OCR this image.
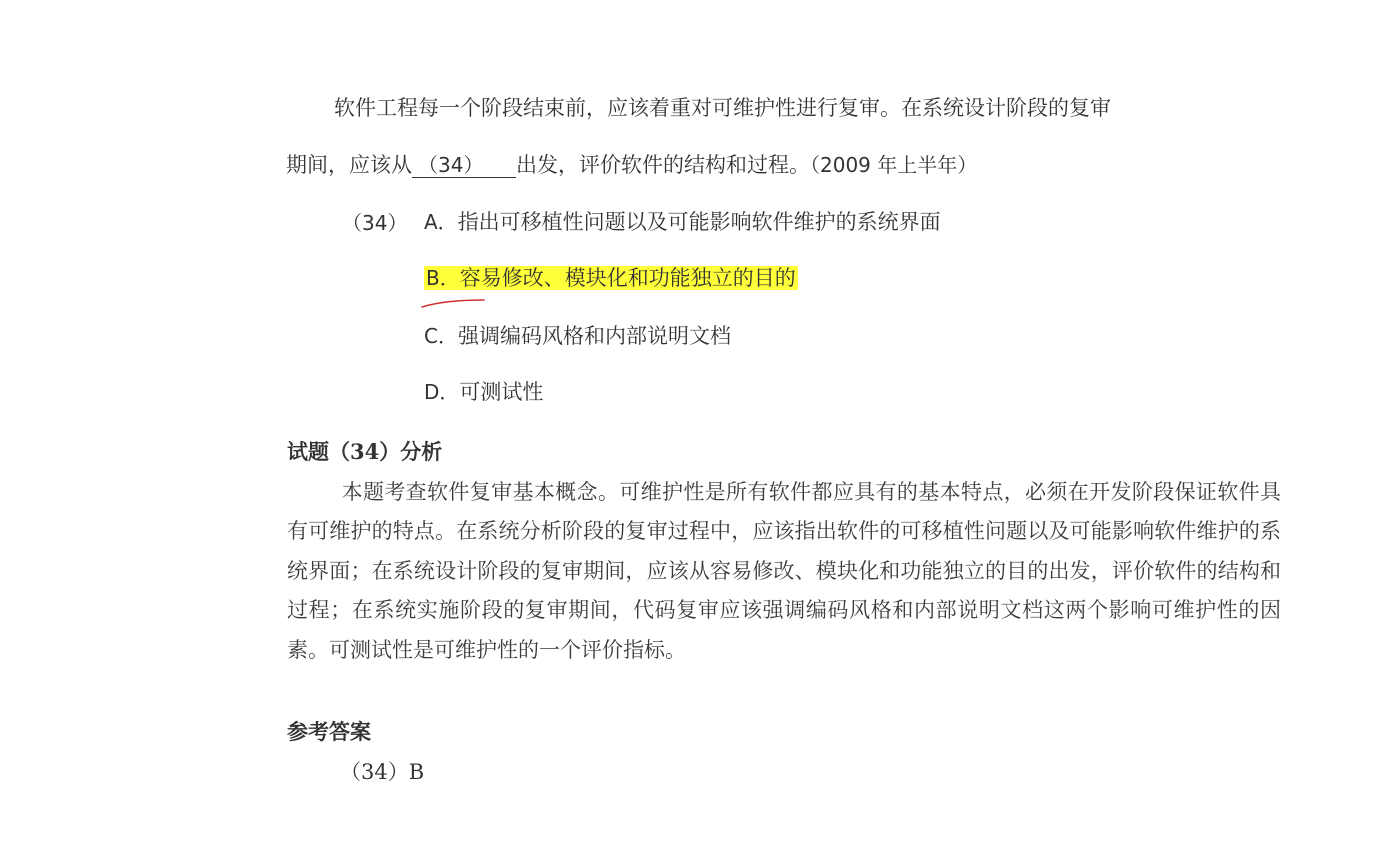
软件工程每一个阶段结束前，应该着重对可维护性进行复审。在系统设计阶段的复审
期间，应该从 （34） 出发，评价软件的结构和过程。（2009 年上半年）
（34） A．指出可移植性问题以及可能影响软件维护的系统界面
B．容易修改、模块化和功能独立的目的
C．强调编码风格和内部说明文档
D．可测试性
试题（34）分析
本题考查软件复审基本概念。可维护性是所有软件都应具有的基本特点，必须在开发阶段保证软件具有可维护的特点。在系统分析阶段的复审过程中，应该指出软件的可移植性问题以及可能影响软件维护的系统界面；在系统设计阶段的复审期间，应该从容易修改、模块化和功能独立的目的出发，评价软件的结构和过程；在系统实施阶段的复审期间，代码复审应该强调编码风格和内部说明文档这两个影响可维护性的因素。可测试性是可维护性的一个评价指标。
参考答案
（34）B
